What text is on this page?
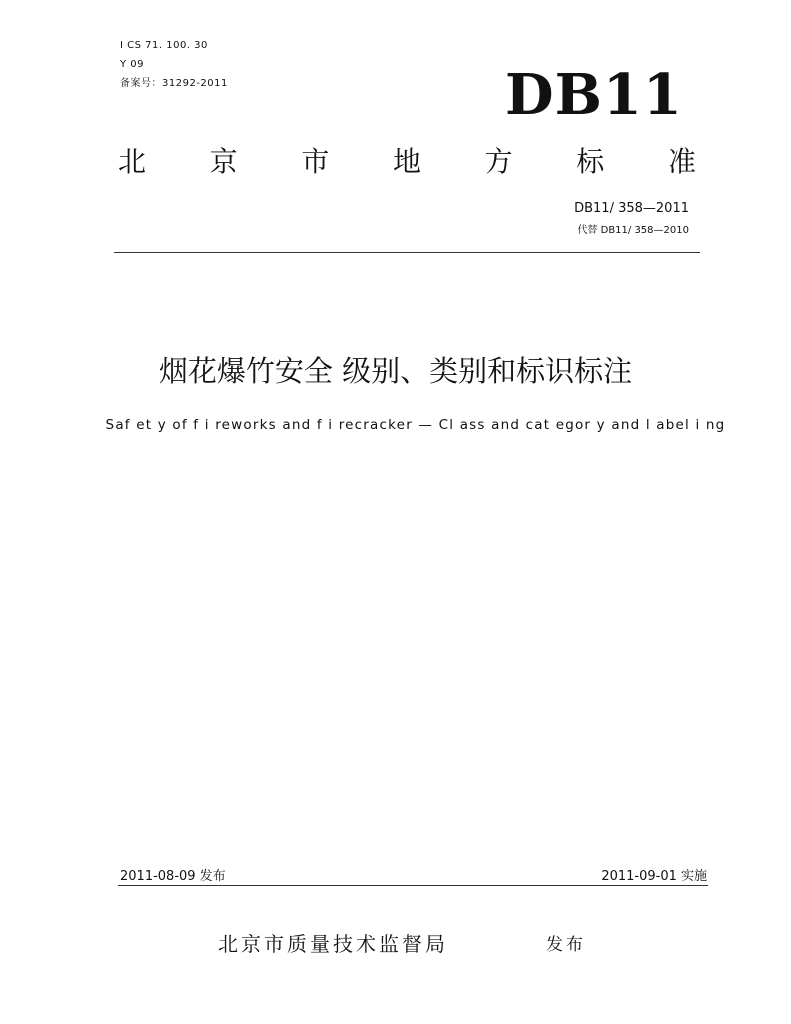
I CS 71. 100. 30
Y 09
备案号：31292-2011	DB11
北 京 市 地 方 标 准
DB11/ 358—2011
代替 DB11/ 358—2010
烟花爆竹安全 级别、类别和标识标注
Saf et y of f i reworks and f i recracker — Cl ass and cat egor y and l abel i ng
2011-08-09 发布	2011-09-01 实施
北京市质量技术监督局	发布
